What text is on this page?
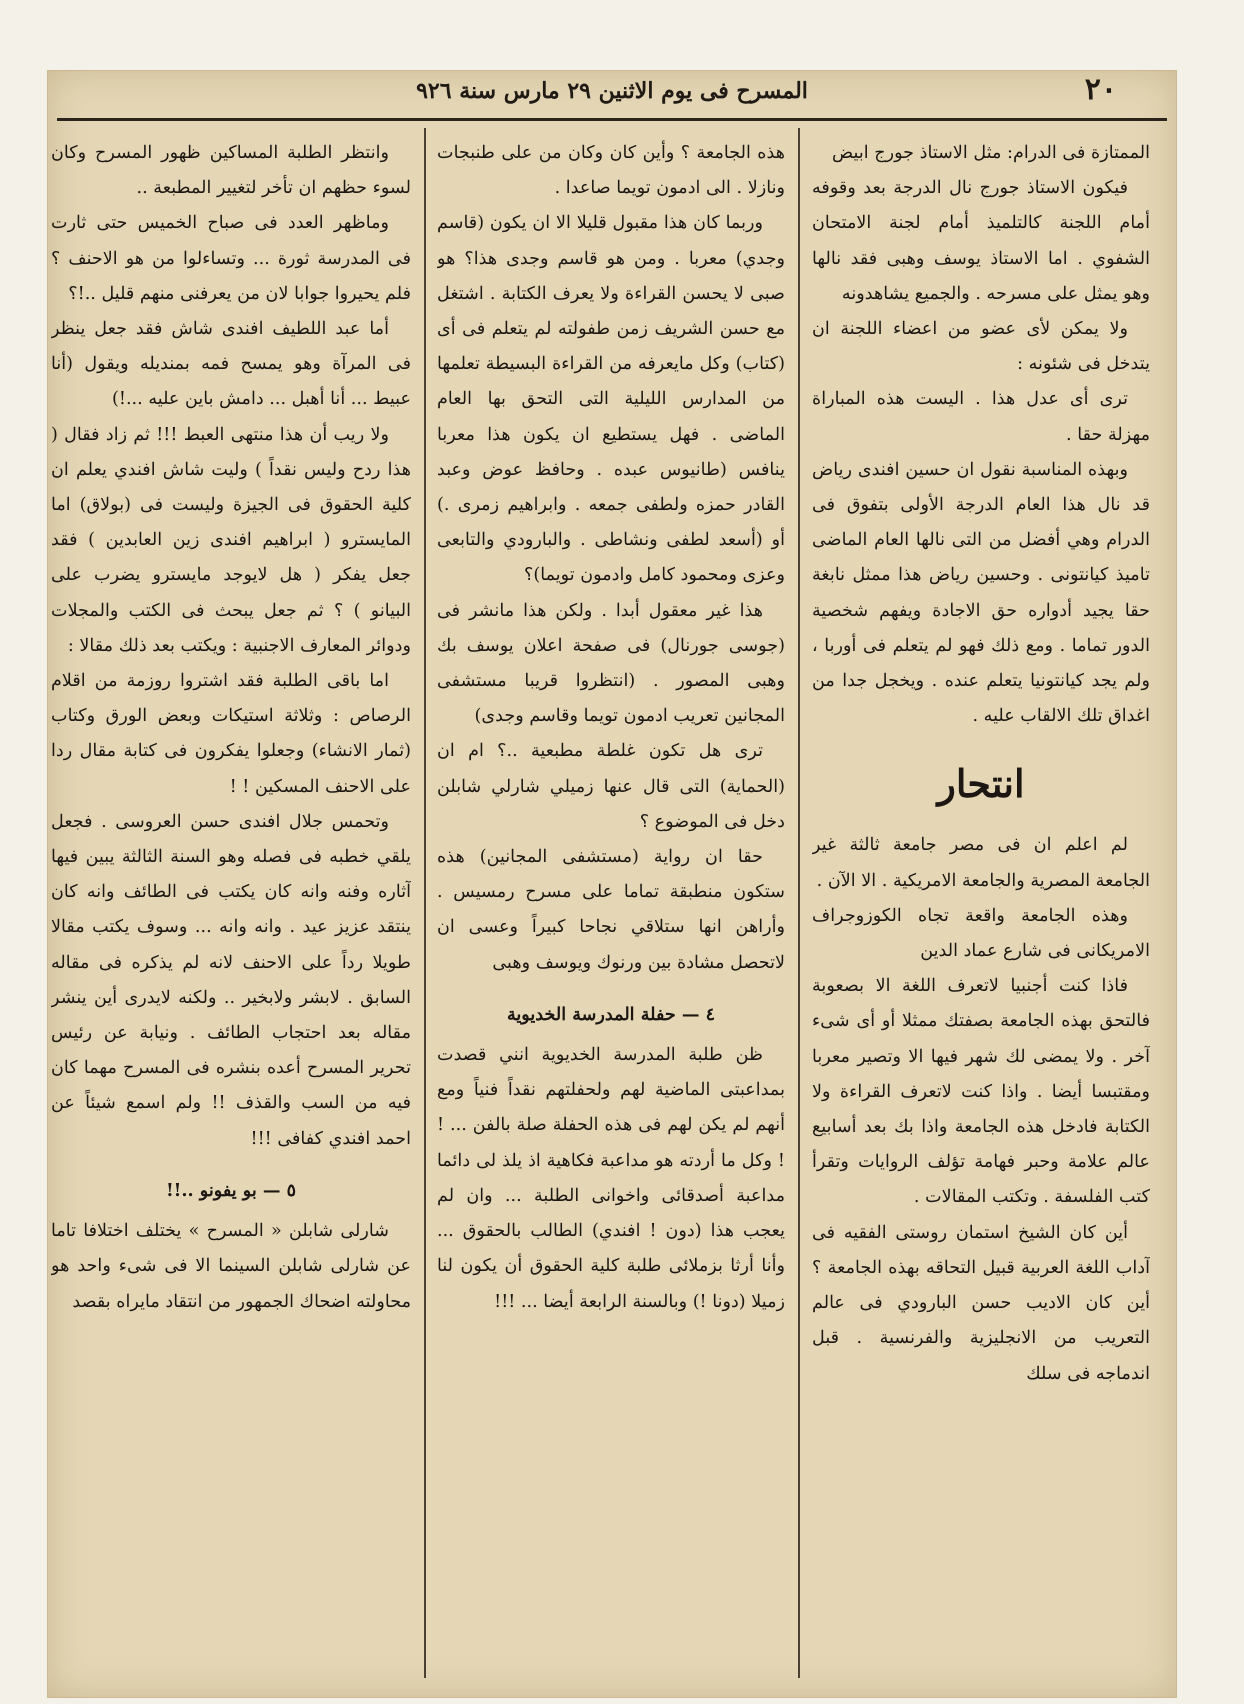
٢٠
المسرح فى يوم الاثنين ٢٩ مارس سنة ٩٢٦

الممتازة فى الدرام: مثل الاستاذ جورج ابيض

فيكون الاستاذ جورج نال الدرجة بعد وقوفه أمام اللجنة كالتلميذ أمام لجنة الامتحان الشفوي . اما الاستاذ يوسف وهبى فقد نالها وهو يمثل على مسرحه . والجميع يشاهدونه

ولا يمكن لأى عضو من اعضاء اللجنة ان يتدخل فى شئونه :

ترى أى عدل هذا . اليست هذه المباراة مهزلة حقا .

وبهذه المناسبة نقول ان حسين افندى رياض قد نال هذا العام الدرجة الأولى بتفوق فى الدرام وهي أفضل من التى نالها العام الماضى تاميذ كيانتونى . وحسين رياض هذا ممثل نابغة حقا يجيد أدواره حق الاجادة ويفهم شخصية الدور تماما . ومع ذلك فهو لم يتعلم فى أوربا ، ولم يجد كيانتونيا يتعلم عنده . ويخجل جدا من اغداق تلك الالقاب عليه .

انتحار

لم اعلم ان فى مصر جامعة ثالثة غير الجامعة المصرية والجامعة الامريكية . الا الآن .

وهذه الجامعة واقعة تجاه الكوزوجراف الامريكانى فى شارع عماد الدين

فاذا كنت أجنبيا لاتعرف اللغة الا بصعوبة فالتحق بهذه الجامعة بصفتك ممثلا أو أى شىء آخر . ولا يمضى لك شهر فيها الا وتصير معربا ومقتبسا أيضا . واذا كنت لاتعرف القراءة ولا الكتابة فادخل هذه الجامعة واذا بك بعد أسابيع عالم علامة وحبر فهامة تؤلف الروايات وتقرأ كتب الفلسفة . وتكتب المقالات .

أين كان الشيخ استمان روستى الفقيه فى آداب اللغة العربية قبيل التحاقه بهذه الجامعة ؟ أين كان الاديب حسن البارودي فى عالم التعريب من الانجليزية والفرنسية . قبل اندماجه فى سلك

هذه الجامعة ؟ وأين كان وكان من على طنبجات ونازلا . الى ادمون تويما صاعدا .

وربما كان هذا مقبول قليلا الا ان يكون (قاسم وجدي) معربا . ومن هو قاسم وجدى هذا؟ هو صبى لا يحسن القراءة ولا يعرف الكتابة . اشتغل مع حسن الشريف زمن طفولته لم يتعلم فى أى (كتاب) وكل مايعرفه من القراءة البسيطة تعلمها من المدارس الليلية التى التحق بها العام الماضى . فهل يستطيع ان يكون هذا معربا ينافس (طانيوس عبده . وحافظ عوض وعبد القادر حمزه ولطفى جمعه . وابراهيم زمرى .) أو (أسعد لطفى ونشاطى . والبارودي والتابعى وعزى ومحمود كامل وادمون تويما)؟

هذا غير معقول أبدا . ولكن هذا مانشر فى (جوسى جورنال) فى صفحة اعلان يوسف بك وهبى المصور . (انتظروا قريبا مستشفى المجانين تعريب ادمون تويما وقاسم وجدى)

ترى هل تكون غلطة مطبعية ..؟ ام ان (الحماية) التى قال عنها زميلي شارلي شابلن دخل فى الموضوع ؟

حقا ان رواية (مستشفى المجانين) هذه ستكون منطبقة تماما على مسرح رمسيس . وأراهن انها ستلاقي نجاحا كبيراً وعسى ان لاتحصل مشادة بين ورنوك ويوسف وهبى

٤ — حفلة المدرسة الخديوية

ظن طلبة المدرسة الخديوية انني قصدت بمداعبتى الماضية لهم ولحفلتهم نقداً فنياً ومع أنهم لم يكن لهم فى هذه الحفلة صلة بالفن ... ! ! وكل ما أردته هو مداعبة فكاهية اذ يلذ لى دائما مداعبة أصدقائى واخوانى الطلبة ... وان لم يعجب هذا (دون ! افندي) الطالب بالحقوق ... وأنا أرثا بزملائى طلبة كلية الحقوق أن يكون لنا زميلا (دونا !) وبالسنة الرابعة أيضا ... !!!

وانتظر الطلبة المساكين ظهور المسرح وكان لسوء حظهم ان تأخر لتغيير المطبعة ..

وماظهر العدد فى صباح الخميس حتى ثارت فى المدرسة ثورة ... وتساءلوا من هو الاحنف ؟ فلم يحيروا جوابا لان من يعرفنى منهم قليل ..!؟

أما عبد اللطيف افندى شاش فقد جعل ينظر فى المرآة وهو يمسح فمه بمنديله ويقول (أنا عبيط ... أنا أهبل ... دامش باين عليه ...!)

ولا ريب أن هذا منتهى العبط !!! ثم زاد فقال ( هذا ردح وليس نقداً ) وليت شاش افندي يعلم ان كلية الحقوق فى الجيزة وليست فى (بولاق) اما المايسترو ( ابراهيم افندى زين العابدين ) فقد جعل يفكر ( هل لايوجد مايسترو يضرب على البيانو ) ؟ ثم جعل يبحث فى الكتب والمجلات ودوائر المعارف الاجنبية : ويكتب بعد ذلك مقالا :

اما باقى الطلبة فقد اشتروا روزمة من اقلام الرصاص : وثلاثة استيكات وبعض الورق وكتاب (ثمار الانشاء) وجعلوا يفكرون فى كتابة مقال ردا على الاحنف المسكين ! !

وتحمس جلال افندى حسن العروسى . فجعل يلقي خطبه فى فصله وهو السنة الثالثة يبين فيها آثاره وفنه وانه كان يكتب فى الطائف وانه كان ينتقد عزيز عيد . وانه وانه ... وسوف يكتب مقالا طويلا رداً على الاحنف لانه لم يذكره فى مقاله السابق . لابشر ولابخير .. ولكنه لايدرى أين ينشر مقاله بعد احتجاب الطائف . ونيابة عن رئيس تحرير المسرح أعده بنشره فى المسرح مهما كان فيه من السب والقذف !! ولم اسمع شيئاً عن احمد افندي كفافى !!!

٥ — بو يفونو ..!!

شارلى شابلن « المسرح » يختلف اختلافا تاما عن شارلى شابلن السينما الا فى شىء واحد هو محاولته اضحاك الجمهور من انتقاد مايراه بقصد
